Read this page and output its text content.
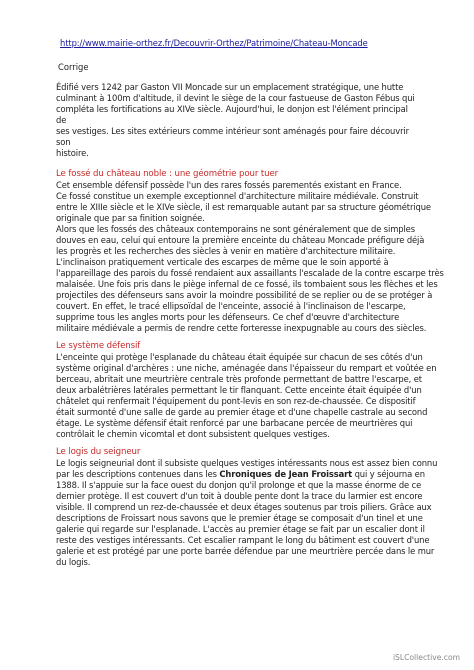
http://www.mairie-orthez.fr/Decouvrir-Orthez/Patrimoine/Chateau-Moncade
Corrige

Édifié vers 1242 par Gaston VII Moncade sur un emplacement stratégique, une hutte

culminant à 100m d'altitude, il devint le siège de la cour fastueuse de Gaston Fébus qui

compléta les fortifications au XIVe siècle. Aujourd'hui, le donjon est l'élément principal de

ses vestiges. Les sites extérieurs comme intérieur sont aménagés pour faire découvrir son

histoire.

Le fossé du château noble : une géométrie pour tuer

Cet ensemble défensif possède l'un des rares fossés parementés existant en France.

Ce fossé constitue un exemple exceptionnel d'architecture militaire médiévale. Construit

entre le XIIIe siècle et le XIVe siècle, il est remarquable autant par sa structure géométrique

originale que par sa finition soignée.

Alors que les fossés des châteaux contemporains ne sont généralement que de simples

douves en eau, celui qui entoure la première enceinte du château Moncade préfigure déjà

les progrès et les recherches des siècles à venir en matière d'architecture militaire.

L'inclinaison pratiquement verticale des escarpes de même que le soin apporté à

l'appareillage des parois du fossé rendaient aux assaillants l'escalade de la contre escarpe très

malaisée. Une fois pris dans le piège infernal de ce fossé, ils tombaient sous les flèches et les

projectiles des défenseurs sans avoir la moindre possibilité de se replier ou de se protéger à

couvert. En effet, le tracé ellipsoïdal de l'enceinte, associé à l'inclinaison de l'escarpe,

supprime tous les angles morts pour les défenseurs. Ce chef d'œuvre d'architecture

militaire médiévale a permis de rendre cette forteresse inexpugnable au cours des siècles.

Le système défensif

L'enceinte qui protège l'esplanade du château était équipée sur chacun de ses côtés d'un

système original d'archères : une niche, aménagée dans l'épaisseur du rempart et voûtée en

berceau, abritait une meurtrière centrale très profonde permettant de battre l'escarpe, et

deux arbalétrières latérales permettant le tir flanquant. Cette enceinte était équipée d'un

châtelet qui renfermait l'équipement du pont-levis en son rez-de-chaussée. Ce dispositif

était surmonté d'une salle de garde au premier étage et d'une chapelle castrale au second

étage. Le système défensif était renforcé par une barbacane percée de meurtrières qui

contrôlait le chemin vicomtal et dont subsistent quelques vestiges.

Le logis du seigneur

Le logis seigneurial dont il subsiste quelques vestiges intéressants nous est assez bien connu

par les descriptions contenues dans les Chroniques de Jean Froissart qui y séjourna en

1388. Il s'appuie sur la face ouest du donjon qu'il prolonge et que la masse énorme de ce

dernier protège. Il est couvert d'un toit à double pente dont la trace du larmier est encore

visible. Il comprend un rez-de-chaussée et deux étages soutenus par trois piliers. Grâce aux

descriptions de Froissart nous savons que le premier étage se composait d'un tinel et une

galerie qui regarde sur l'esplanade. L'accès au premier étage se fait par un escalier dont il

reste des vestiges intéressants. Cet escalier rampant le long du bâtiment est couvert d'une

galerie et est protégé par une porte barrée défendue par une meurtrière percée dans le mur

du logis.

iSLCollective.com
